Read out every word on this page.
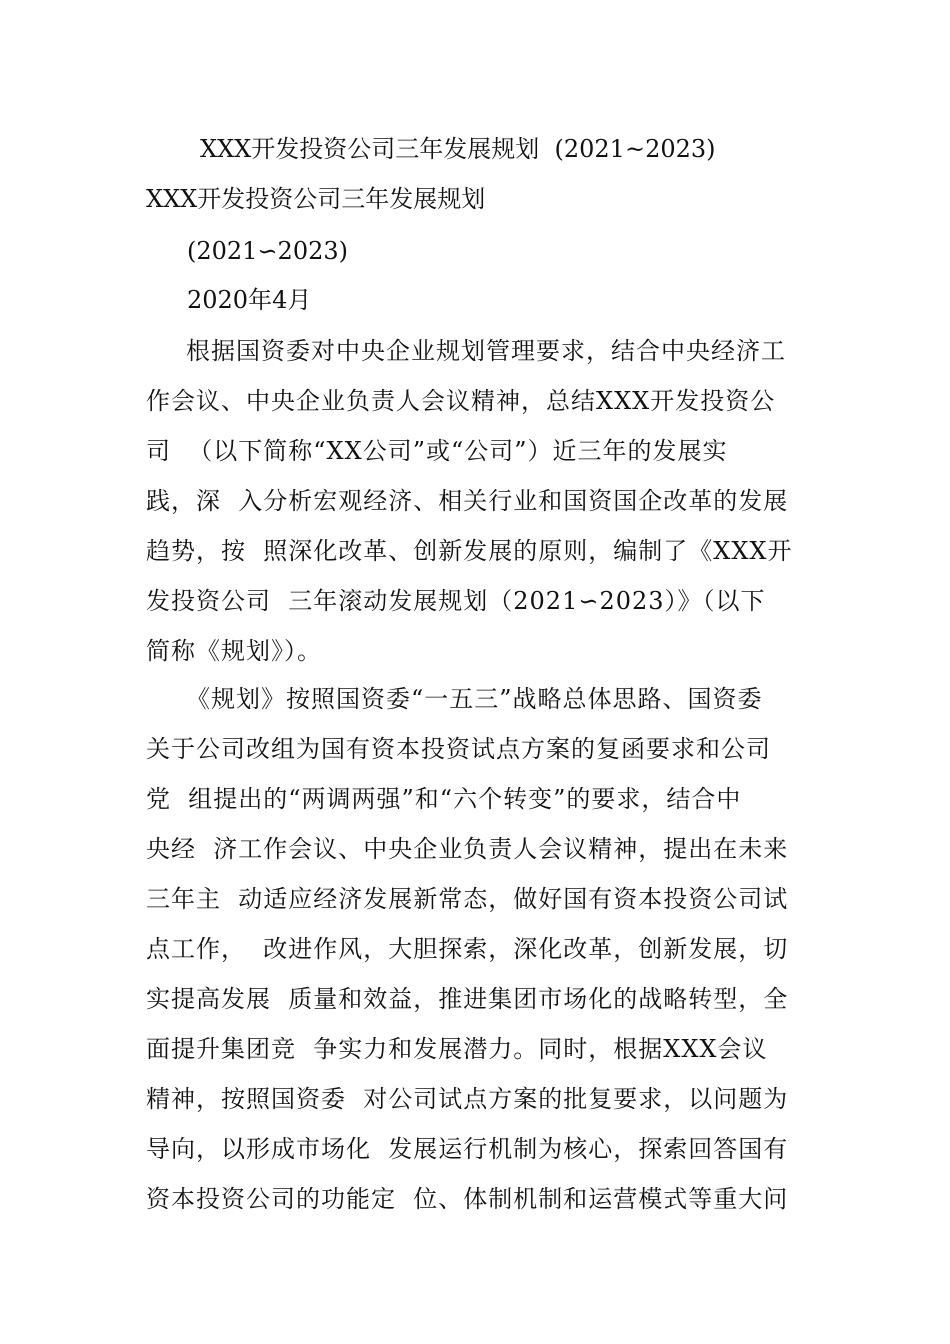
XXX开发投资公司三年发展规划  (2021~2023)
XXX开发投资公司三年发展规划
(2021∽2023)
2020年4月
根据国资委对中央企业规划管理要求，结合中央经济工
作会议、中央企业负责人会议精神，总结XXX开发投资公
司  （以下简称“XX公司”或“公司”）近三年的发展实
践，深  入分析宏观经济、相关行业和国资国企改革的发展
趋势，按  照深化改革、创新发展的原则，编制了《XXX开
发投资公司  三年滚动发展规划（2021∽2023）》（以下
简称《规划》）。
《规划》按照国资委“一五三”战略总体思路、国资委
关于公司改组为国有资本投资试点方案的复函要求和公司
党  组提出的“两调两强”和“六个转变”的要求，结合中
央经  济工作会议、中央企业负责人会议精神，提出在未来
三年主  动适应经济发展新常态，做好国有资本投资公司试
点工作，  改进作风，大胆探索，深化改革，创新发展，切
实提高发展  质量和效益，推进集团市场化的战略转型，全
面提升集团竞  争实力和发展潜力。同时，根据XXX会议
精神，按照国资委  对公司试点方案的批复要求，以问题为
导向，以形成市场化  发展运行机制为核心，探索回答国有
资本投资公司的功能定  位、体制机制和运营模式等重大问
